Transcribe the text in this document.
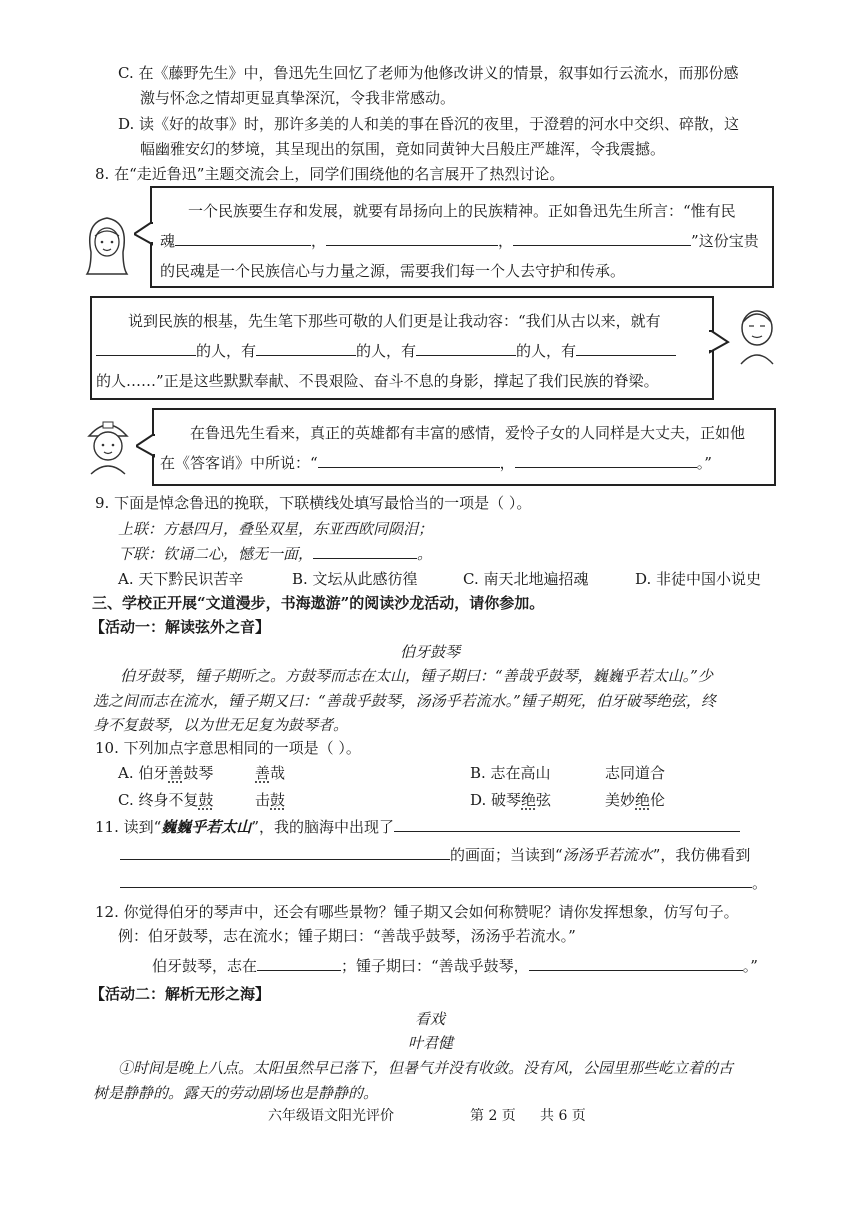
C. 在《藤野先生》中，鲁迅先生回忆了老师为他修改讲义的情景，叙事如行云流水，而那份感
激与怀念之情却更显真挚深沉，令我非常感动。
D. 读《好的故事》时，那许多美的人和美的事在昏沉的夜里，于澄碧的河水中交织、碎散，这
幅幽雅安幻的梦境，其呈现出的氛围，竟如同黄钟大吕般庄严雄浑，令我震撼。
8. 在“走近鲁迅”主题交流会上，同学们围绕他的名言展开了热烈讨论。
一个民族要生存和发展，就要有昂扬向上的民族精神。正如鲁迅先生所言：“惟有民
魂	，	，	”这份宝贵
的民魂是一个民族信心与力量之源，需要我们每一个人去守护和传承。
说到民族的根基，先生笔下那些可敬的人们更是让我动容：“我们从古以来，就有
的人，有	的人，有	的人，有
的人……”正是这些默默奉献、不畏艰险、奋斗不息的身影，撑起了我们民族的脊梁。
在鲁迅先生看来，真正的英雄都有丰富的感情，爱怜子女的人同样是大丈夫，正如他
在《答客诮》中所说：“	，	。”
9. 下面是悼念鲁迅的挽联，下联横线处填写最恰当的一项是（ ）。
上联：方悬四月，叠坠双星，东亚西欧同陨泪；
下联：钦诵二心，憾无一面，	。
A. 天下黔民识苦辛	B. 文坛从此感彷徨	C. 南天北地遍招魂	D. 非徒中国小说史
三、学校正开展“文道漫步，书海遨游”的阅读沙龙活动，请你参加。
【活动一：解读弦外之音】
伯牙鼓琴
伯牙鼓琴，锺子期听之。方鼓琴而志在太山，锺子期曰：“善哉乎鼓琴，巍巍乎若太山。”少
选之间而志在流水，锺子期又曰：“善哉乎鼓琴，汤汤乎若流水。”锺子期死，伯牙破琴绝弦，终
身不复鼓琴，以为世无足复为鼓琴者。
10. 下列加点字意思相同的一项是（ ）。
A. 伯牙善鼓琴	善哉	B. 志在高山	志同道合
C. 终身不复鼓	击鼓	D. 破琴绝弦	美妙绝伦
11. 读到“巍巍乎若太山”，我的脑海中出现了
的画面；当读到“汤汤乎若流水”，我仿佛看到
。
12. 你觉得伯牙的琴声中，还会有哪些景物？锺子期又会如何称赞呢？请你发挥想象，仿写句子。
例：伯牙鼓琴，志在流水；锺子期曰：“善哉乎鼓琴，汤汤乎若流水。”
伯牙鼓琴，志在	；锺子期曰：“善哉乎鼓琴，	。”
【活动二：解析无形之海】
看戏
叶君健
①时间是晚上八点。太阳虽然早已落下，但暑气并没有收敛。没有风，公园里那些屹立着的古
树是静静的。露天的劳动剧场也是静静的。
六年级语文阳光评价	第 2 页 共 6 页
